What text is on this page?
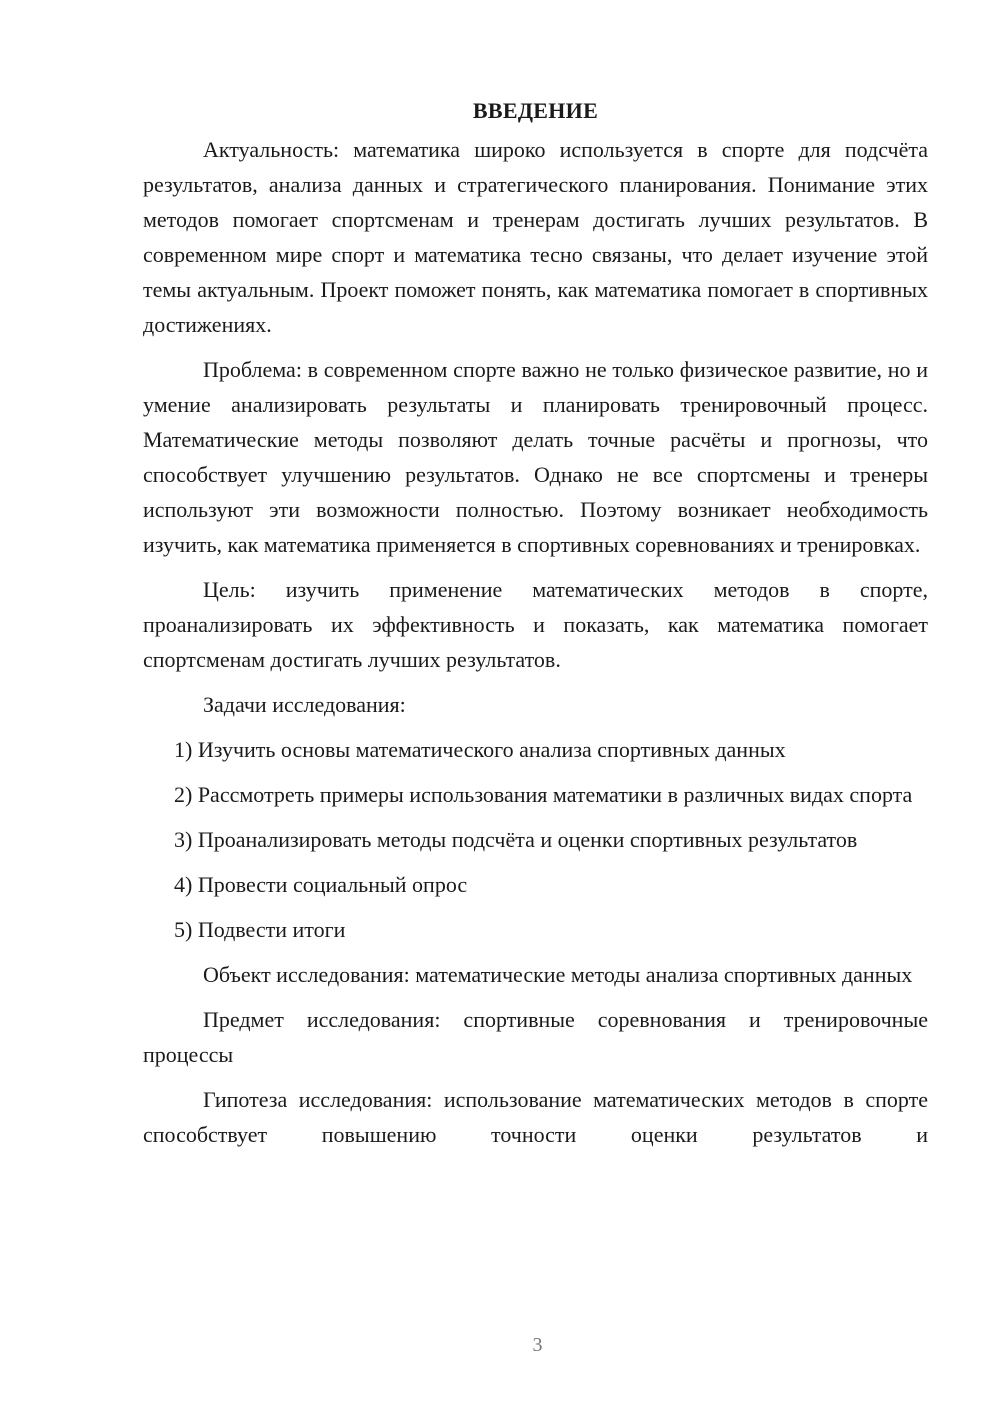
ВВЕДЕНИЕ

Актуальность: математика широко используется в спорте для подсчёта результатов, анализа данных и стратегического планирования. Понимание этих методов помогает спортсменам и тренерам достигать лучших результатов. В современном мире спорт и математика тесно связаны, что делает изучение этой темы актуальным. Проект поможет понять, как математика помогает в спортивных достижениях.

Проблема: в современном спорте важно не только физическое развитие, но и умение анализировать результаты и планировать тренировочный процесс. Математические методы позволяют делать точные расчёты и прогнозы, что способствует улучшению результатов. Однако не все спортсмены и тренеры используют эти возможности полностью. Поэтому возникает необходимость изучить, как математика применяется в спортивных соревнованиях и тренировках.

Цель: изучить применение математических методов в спорте, проанализировать их эффективность и показать, как математика помогает спортсменам достигать лучших результатов.

Задачи исследования:

1) Изучить основы математического анализа спортивных данных

2) Рассмотреть примеры использования математики в различных видах спорта

3) Проанализировать методы подсчёта и оценки спортивных результатов

4) Провести социальный опрос

5) Подвести итоги

Объект исследования: математические методы анализа спортивных данных

Предмет исследования: спортивные соревнования и тренировочные процессы

Гипотеза исследования: использование математических методов в спорте способствует повышению точности оценки результатов и

3
